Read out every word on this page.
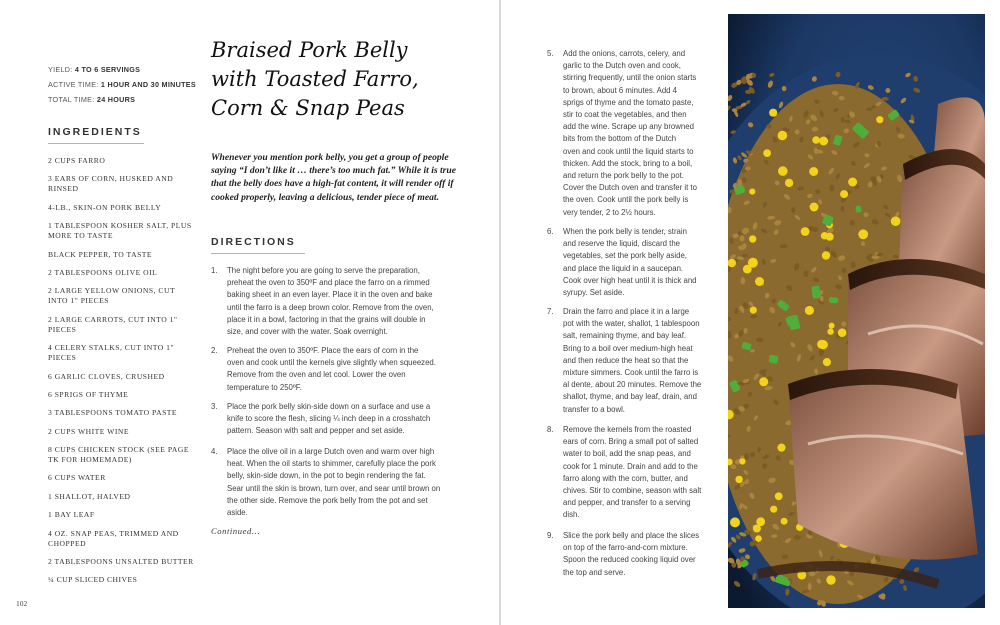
YIELD: 4 TO 6 SERVINGS
ACTIVE TIME: 1 HOUR AND 30 MINUTES
TOTAL TIME: 24 HOURS
INGREDIENTS
2 CUPS FARRO
3 EARS OF CORN, HUSKED AND RINSED
4-LB., SKIN-ON PORK BELLY
1 TABLESPOON KOSHER SALT, PLUS MORE TO TASTE
BLACK PEPPER, TO TASTE
2 TABLESPOONS OLIVE OIL
2 LARGE YELLOW ONIONS, CUT INTO 1" PIECES
2 LARGE CARROTS, CUT INTO 1" PIECES
4 CELERY STALKS, CUT INTO 1" PIECES
6 GARLIC CLOVES, CRUSHED
6 SPRIGS OF THYME
3 TABLESPOONS TOMATO PASTE
2 CUPS WHITE WINE
8 CUPS CHICKEN STOCK (SEE PAGE TK FOR HOMEMADE)
6 CUPS WATER
1 SHALLOT, HALVED
1 BAY LEAF
4 OZ. SNAP PEAS, TRIMMED AND CHOPPED
2 TABLESPOONS UNSALTED BUTTER
¼ CUP SLICED CHIVES
102
Braised Pork Belly
with Toasted Farro,
Corn & Snap Peas
Whenever you mention pork belly, you get a group of people saying “I don’t like it … there’s too much fat.” While it is true that the belly does have a high-fat content, it will render off if cooked properly, leaving a delicious, tender piece of meat.
DIRECTIONS
1.	The night before you are going to serve the preparation,
preheat the oven to 350ºF and place the farro on a rimmed
baking sheet in an even layer. Place it in the oven and bake
until the farro is a deep brown color. Remove from the oven,
place it in a bowl, factoring in that the grains will double in
size, and cover with the water. Soak overnight.
2.	Preheat the oven to 350ºF. Place the ears of corn in the
oven and cook until the kernels give slightly when squeezed.
Remove from the oven and let cool. Lower the oven
temperature to 250ºF.
3.	Place the pork belly skin-side down on a surface and use a
knife to score the flesh, slicing ¼ inch deep in a crosshatch
pattern. Season with salt and pepper and set aside.
4.	Place the olive oil in a large Dutch oven and warm over high
heat. When the oil starts to shimmer, carefully place the pork
belly, skin-side down, in the pot to begin rendering the fat.
Sear until the skin is brown, turn over, and sear until brown on
the other side. Remove the pork belly from the pot and set
aside.
5.	Add the onions, carrots, celery, and
garlic to the Dutch oven and cook,
stirring frequently, until the onion starts
to brown, about 6 minutes. Add 4
sprigs of thyme and the tomato paste,
stir to coat the vegetables, and then
add the wine. Scrape up any browned
bits from the bottom of the Dutch
oven and cook until the liquid starts to
thicken. Add the stock, bring to a boil,
and return the pork belly to the pot.
Cover the Dutch oven and transfer it to
the oven. Cook until the pork belly is
very tender, 2 to 2½ hours.
6.	When the pork belly is tender, strain
and reserve the liquid, discard the
vegetables, set the pork belly aside,
and place the liquid in a saucepan.
Cook over high heat until it is thick and
syrupy. Set aside.
7.	Drain the farro and place it in a large
pot with the water, shallot, 1 tablespoon
salt, remaining thyme, and bay leaf.
Bring to a boil over medium-high heat
and then reduce the heat so that the
mixture simmers. Cook until the farro is
al dente, about 20 minutes. Remove the
shallot, thyme, and bay leaf, drain, and
transfer to a bowl.
8.	Remove the kernels from the roasted
ears of corn. Bring a small pot of salted
water to boil, add the snap peas, and
cook for 1 minute. Drain and add to the
farro along with the corn, butter, and
chives. Stir to combine, season with salt
and pepper, and transfer to a serving
dish.
9.	Slice the pork belly and place the slices
on top of the farro-and-corn mixture.
Spoon the reduced cooking liquid over
the top and serve.
Continued…
